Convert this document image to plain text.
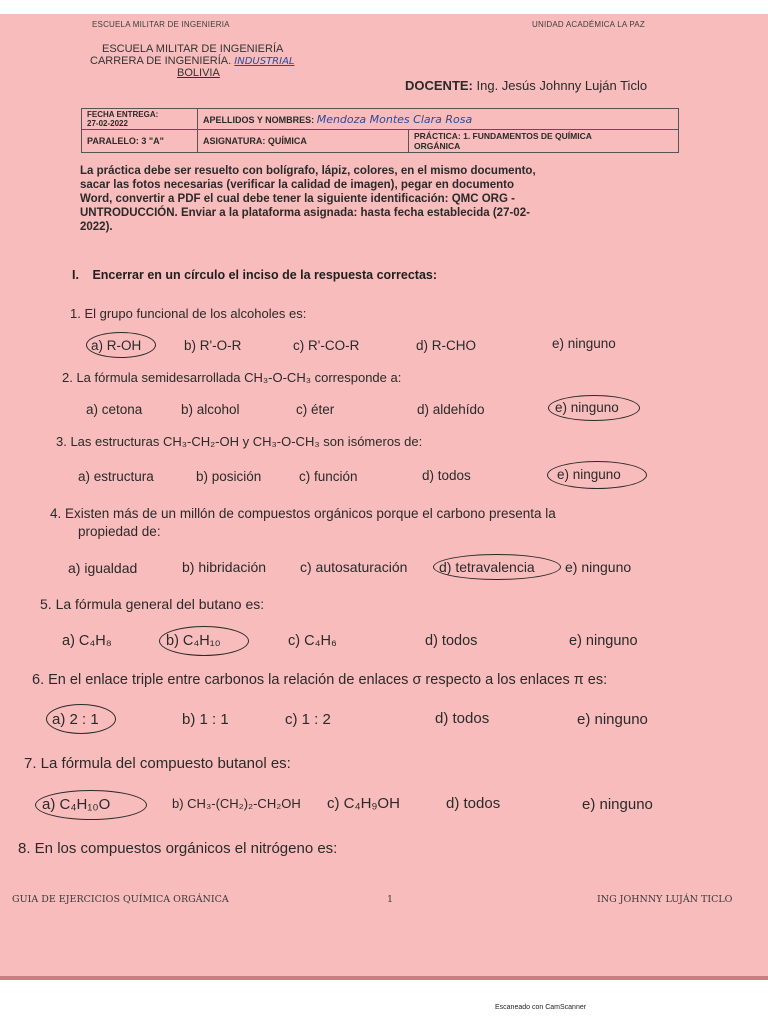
ESCUELA MILITAR DE INGENIERIA	UNIDAD ACADÉMICA LA PAZ
ESCUELA MILITAR DE INGENIERÍA
CARRERA DE INGENIERÍA. INDUSTRIAL
BOLIVIA
DOCENTE: Ing. Jesús Johnny Luján Ticlo
FECHA ENTREGA:
27-02-2022	APELLIDOS Y NOMBRES: Mendoza Montes Clara Rosa	
PARALELO: 3 "A"	ASIGNATURA: QUÍMICA	PRÁCTICA: 1. FUNDAMENTOS DE QUÍMICA
ORGÁNICA
La práctica debe ser resuelto con bolígrafo, lápiz, colores, en el mismo documento,
sacar las fotos necesarias (verificar la calidad de imagen), pegar en documento
Word, convertir a PDF el cual debe tener la siguiente identificación: QMC ORG -
UNTRODUCCIÓN. Enviar a la plataforma asignada: hasta fecha establecida (27-02-
2022).
I. Encerrar en un círculo el inciso de la respuesta correctas:
1. El grupo funcional de los alcoholes es:
a) R-OH	b) R'-O-R	c) R'-CO-R	d) R-CHO	e) ninguno
2. La fórmula semidesarrollada CH₃-O-CH₃ corresponde a:
a) cetona	b) alcohol	c) éter	d) aldehído	e) ninguno
3. Las estructuras CH₃-CH₂-OH y CH₃-O-CH₃ son isómeros de:
a) estructura	b) posición	c) función	d) todos	e) ninguno
4. Existen más de un millón de compuestos orgánicos porque el carbono presenta la
propiedad de:
a) igualdad	b) hibridación c) autosaturación d) tetravalencia e) ninguno
5. La fórmula general del butano es:
a) C₄H₈	b) C₄H₁₀	c) C₄H₆	d) todos	e) ninguno
6. En el enlace triple entre carbonos la relación de enlaces σ respecto a los enlaces π es:
a) 2 : 1	b) 1 : 1	c) 1 : 2	d) todos	e) ninguno
7. La fórmula del compuesto butanol es:
a) C₄H₁₀O	b) CH₃-(CH₂)₂-CH₂OH c) C₄H₉OH	d) todos	e) ninguno
8. En los compuestos orgánicos el nitrógeno es:
GUIA DE EJERCICIOS QUÍMICA ORGÁNICA	1	ING JOHNNY LUJÁN TICLO
Escaneado con CamScanner
